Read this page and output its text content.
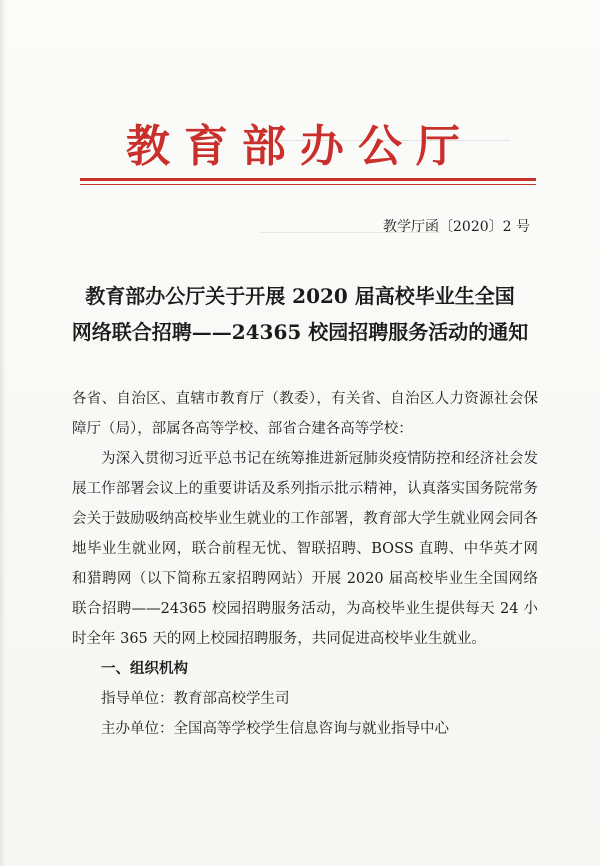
教育部办公厅
教学厅函〔2020〕2 号
教育部办公厅关于开展 2020 届高校毕业生全国
网络联合招聘——24365 校园招聘服务活动的通知

各省、自治区、直辖市教育厅（教委），有关省、自治区人力资源社会保障厅（局），部属各高等学校、部省合建各高等学校：

为深入贯彻习近平总书记在统筹推进新冠肺炎疫情防控和经济社会发展工作部署会议上的重要讲话及系列指示批示精神，认真落实国务院常务会关于鼓励吸纳高校毕业生就业的工作部署，教育部大学生就业网会同各地毕业生就业网，联合前程无忧、智联招聘、BOSS 直聘、中华英才网和猎聘网（以下简称五家招聘网站）开展 2020 届高校毕业生全国网络联合招聘——24365 校园招聘服务活动，为高校毕业生提供每天 24 小时全年 365 天的网上校园招聘服务，共同促进高校毕业生就业。

一、组织机构

指导单位：教育部高校学生司

主办单位：全国高等学校学生信息咨询与就业指导中心
